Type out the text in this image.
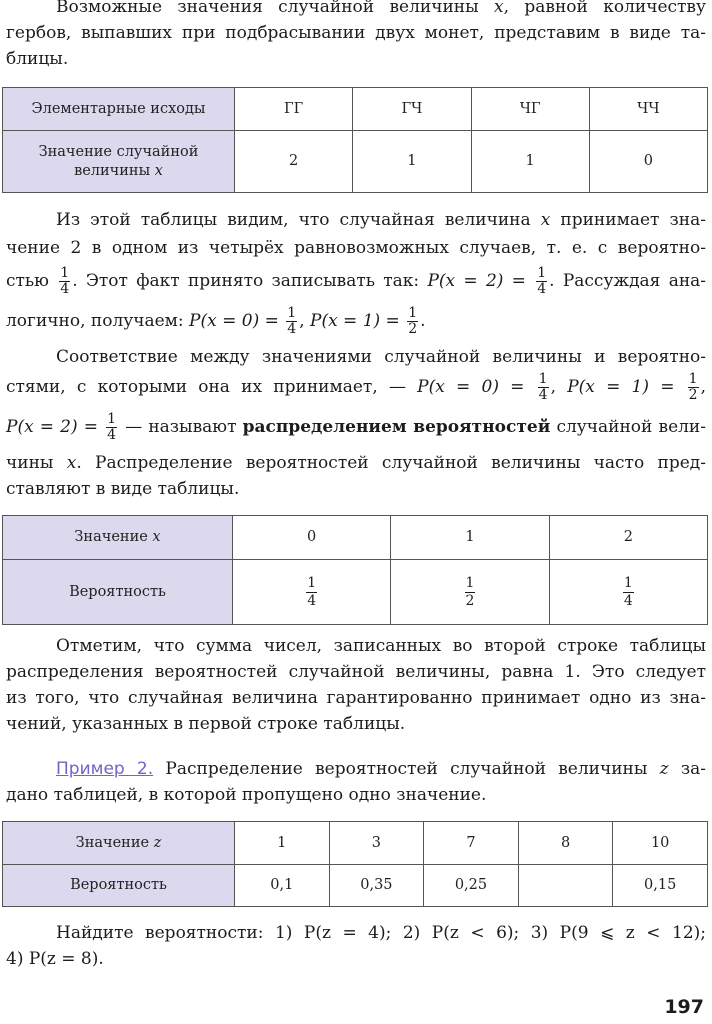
Возможные значения случайной величины x, равной количеству
гербов, выпавших при подбрасывании двух монет, представим в виде та-
блицы.
Элементарные исходы	ГГ	ГЧ	ЧГ	ЧЧ
Значение случайной
величины x	2	1	1	0
Из этой таблицы видим, что случайная величина x принимает зна-
чение 2 в одном из четырёх равновозможных случаев, т. е. с вероятно-
стью $\frac{1}{4}$ . Этот факт принято записывать так: $P(x = 2) = \frac{1}{4}$ . Рассуждая ана-
логично, получаем: $P(x = 0) = \frac{1}{4}$ , $P(x = 1) = \frac{1}{2}$ .
Соответствие между значениями случайной величины и вероятно-
стями, с которыми она их принимает, — $P(x = 0) = \frac{1}{4}$ , $P(x = 1) = \frac{1}{2}$ ,
$P(x = 2) = \frac{1}{4}$ — называют распределением вероятностей случайной вели-
чины x. Распределение вероятностей случайной величины часто пред-
ставляют в виде таблицы.
Значение x	0	1	2
Вероятность	$\frac{1}{4}$	$\frac{1}{2}$	$\frac{1}{4}$
Отметим, что сумма чисел, записанных во второй строке таблицы
распределения вероятностей случайной величины, равна 1. Это следует
из того, что случайная величина гарантированно принимает одно из зна-
чений, указанных в первой строке таблицы.
Пример 2. Распределение вероятностей случайной величины z за-
дано таблицей, в которой пропущено одно значение.
Значение z	1	3	7	8	10
Вероятность	0,1	0,35	0,25		0,15
Найдите вероятности: 1) P(z = 4); 2) P(z < 6); 3) P(9 ⩽ z < 12);
4) P(z = 8).
197
